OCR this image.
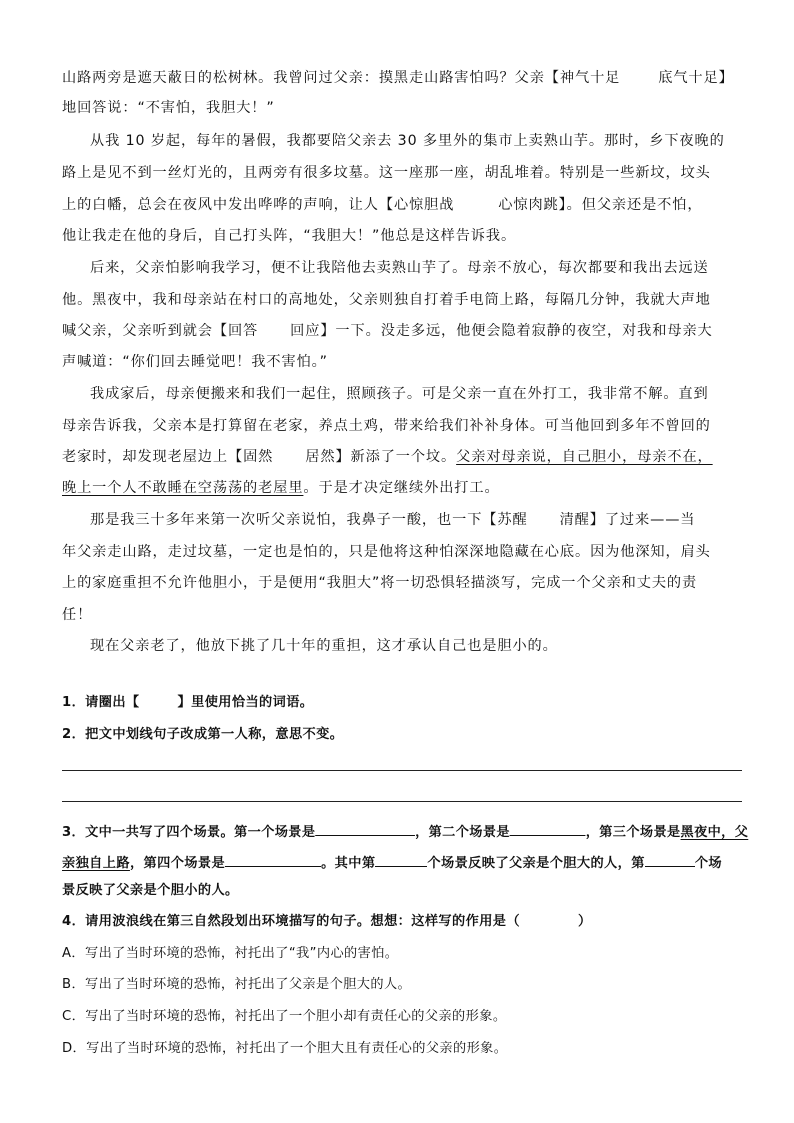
山路两旁是遮天蔽日的松树林。我曾问过父亲：摸黑走山路害怕吗？父亲【神气十足	底气十足】
地回答说：“不害怕，我胆大！”
从我 10 岁起，每年的暑假，我都要陪父亲去 30 多里外的集市上卖熟山芋。那时，乡下夜晚的
路上是见不到一丝灯光的，且两旁有很多坟墓。这一座那一座，胡乱堆着。特别是一些新坟，坟头
上的白幡，总会在夜风中发出哗哗的声响，让人【心惊胆战	心惊肉跳】。但父亲还是不怕，
他让我走在他的身后，自己打头阵，“我胆大！”他总是这样告诉我。
后来，父亲怕影响我学习，便不让我陪他去卖熟山芋了。母亲不放心，每次都要和我出去远送
他。黑夜中，我和母亲站在村口的高地处，父亲则独自打着手电筒上路，每隔几分钟，我就大声地
喊父亲，父亲听到就会【回答 回应】一下。没走多远，他便会隐着寂静的夜空，对我和母亲大
声喊道：“你们回去睡觉吧！我不害怕。”
我成家后，母亲便搬来和我们一起住，照顾孩子。可是父亲一直在外打工，我非常不解。直到
母亲告诉我，父亲本是打算留在老家，养点土鸡，带来给我们补补身体。可当他回到多年不曾回的
老家时，却发现老屋边上【固然 居然】新添了一个坟。父亲对母亲说，自己胆小，母亲不在，
晚上一个人不敢睡在空荡荡的老屋里。于是才决定继续外出打工。
那是我三十多年来第一次听父亲说怕，我鼻子一酸，也一下【苏醒 清醒】了过来——当
年父亲走山路，走过坟墓，一定也是怕的，只是他将这种怕深深地隐藏在心底。因为他深知，肩头
上的家庭重担不允许他胆小，于是便用“我胆大”将一切恐惧轻描淡写，完成一个父亲和丈夫的责
任！
现在父亲老了，他放下挑了几十年的重担，这才承认自己也是胆小的。
1．请圈出【	】里使用恰当的词语。
2．把文中划线句子改成第一人称，意思不变。
3．文中一共写了四个场景。第一个场景是	，第二个场景是	，第三个场景是黑夜中，父
亲独自上路，第四个场景是	。其中第	个场景反映了父亲是个胆大的人，第	个场
景反映了父亲是个胆小的人。
4．请用波浪线在第三自然段划出环境描写的句子。想想：这样写的作用是（	）
A．写出了当时环境的恐怖，衬托出了“我”内心的害怕。
B．写出了当时环境的恐怖，衬托出了父亲是个胆大的人。
C．写出了当时环境的恐怖，衬托出了一个胆小却有责任心的父亲的形象。
D．写出了当时环境的恐怖，衬托出了一个胆大且有责任心的父亲的形象。
